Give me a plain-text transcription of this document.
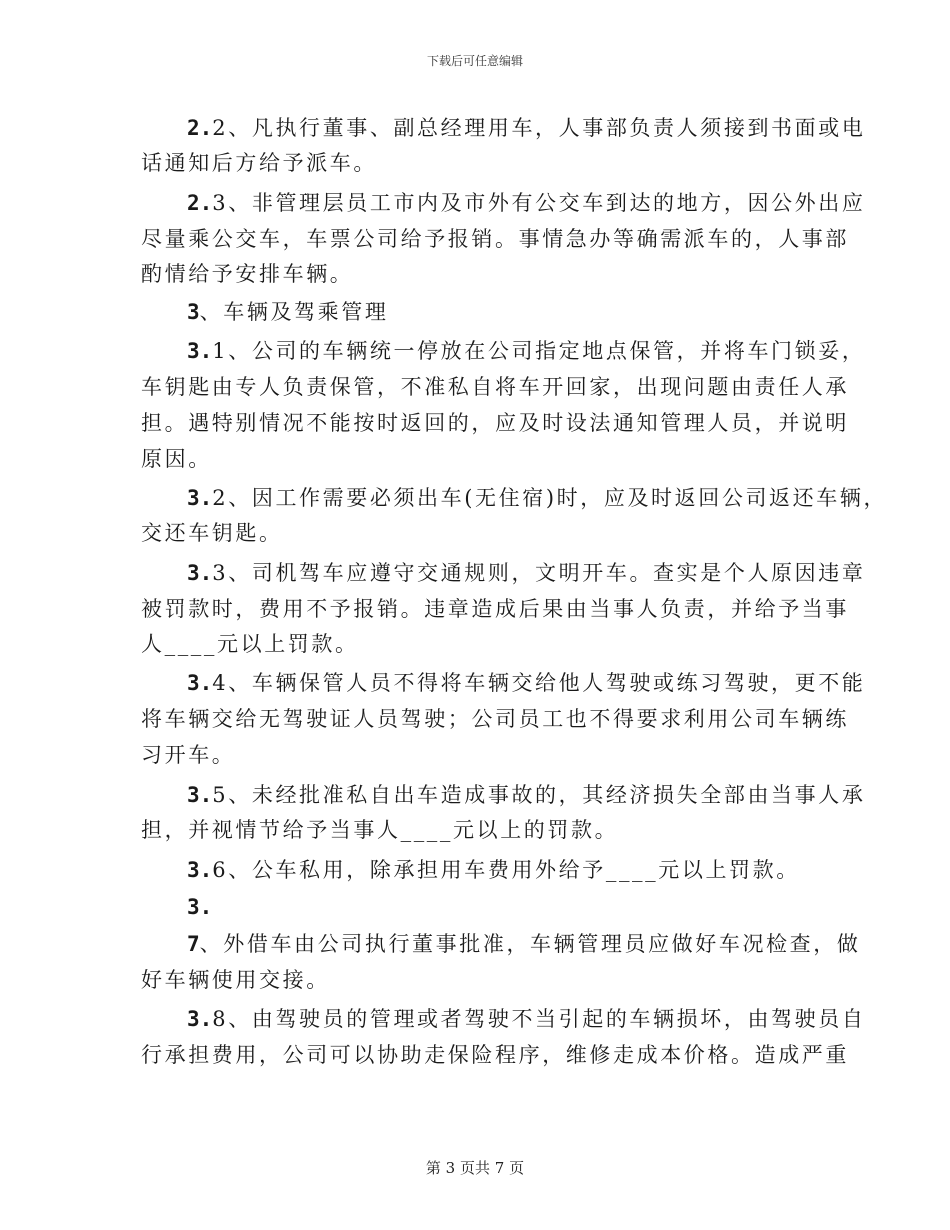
下载后可任意编辑
2.2、凡执行董事、副总经理用车，人事部负责人须接到书面或电
话通知后方给予派车。
2.3、非管理层员工市内及市外有公交车到达的地方，因公外出应
尽量乘公交车，车票公司给予报销。事情急办等确需派车的，人事部
酌情给予安排车辆。
3、车辆及驾乘管理
3.1、公司的车辆统一停放在公司指定地点保管，并将车门锁妥，
车钥匙由专人负责保管，不准私自将车开回家，出现问题由责任人承
担。遇特别情况不能按时返回的，应及时设法通知管理人员，并说明
原因。
3.2、因工作需要必须出车(无住宿)时，应及时返回公司返还车辆，
交还车钥匙。
3.3、司机驾车应遵守交通规则，文明开车。查实是个人原因违章
被罚款时，费用不予报销。违章造成后果由当事人负责，并给予当事
人____元以上罚款。
3.4、车辆保管人员不得将车辆交给他人驾驶或练习驾驶，更不能
将车辆交给无驾驶证人员驾驶；公司员工也不得要求利用公司车辆练
习开车。
3.5、未经批准私自出车造成事故的，其经济损失全部由当事人承
担，并视情节给予当事人____元以上的罚款。
3.6、公车私用，除承担用车费用外给予____元以上罚款。
3.
7、外借车由公司执行董事批准，车辆管理员应做好车况检查，做
好车辆使用交接。
3.8、由驾驶员的管理或者驾驶不当引起的车辆损坏，由驾驶员自
行承担费用，公司可以协助走保险程序，维修走成本价格。造成严重
第 3 页共 7 页
